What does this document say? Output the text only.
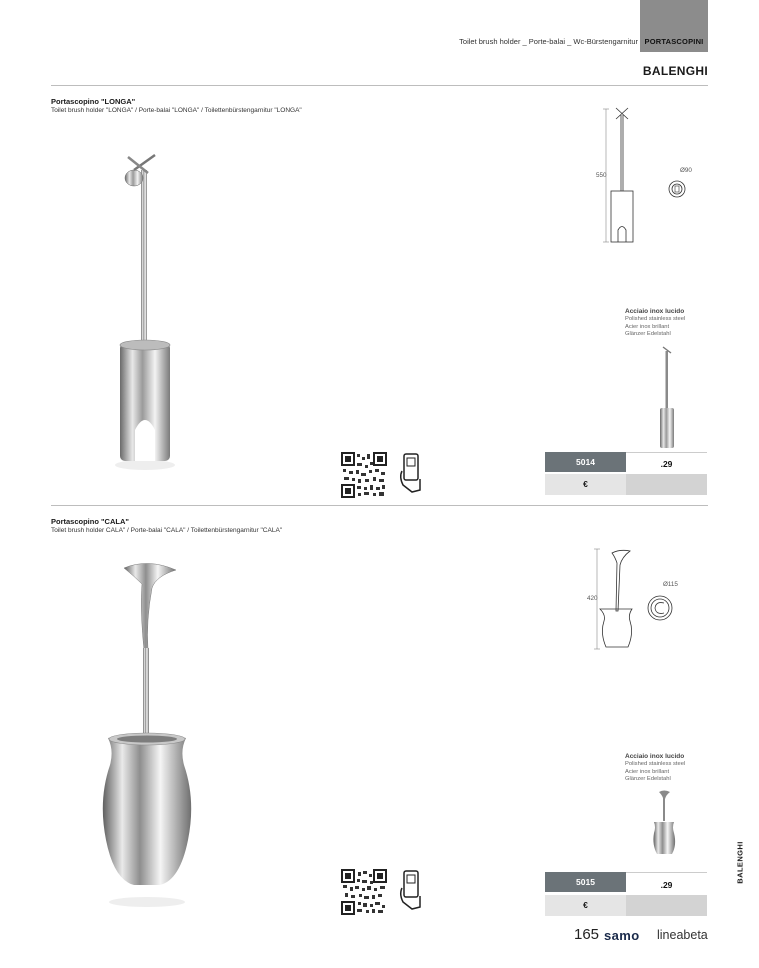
Toilet brush holder _ Porte-balai _ Wc-Bürstengarnitur PORTASCOPINI
BALENGHI
Portascopino "LONGA"
Toilet brush holder "LONGA" / Porte-balai "LONGA" / Toilettenbürstengarnitur "LONGA"
550
Ø90
Acciaio inox lucido
Polished stainless steel
Acier inox brillant
Glänzer Edelstahl
5014	.29
€
Portascopino "CALA"
Toilet brush holder CALA" / Porte-balai "CALA" / Toilettenbürstengarnitur "CALA"
420
Ø115
Acciaio inox lucido
Polished stainless steel
Acier inox brillant
Glänzer Edelstahl
5015	.29
€
BALENGHI
165 samo lineabeta
